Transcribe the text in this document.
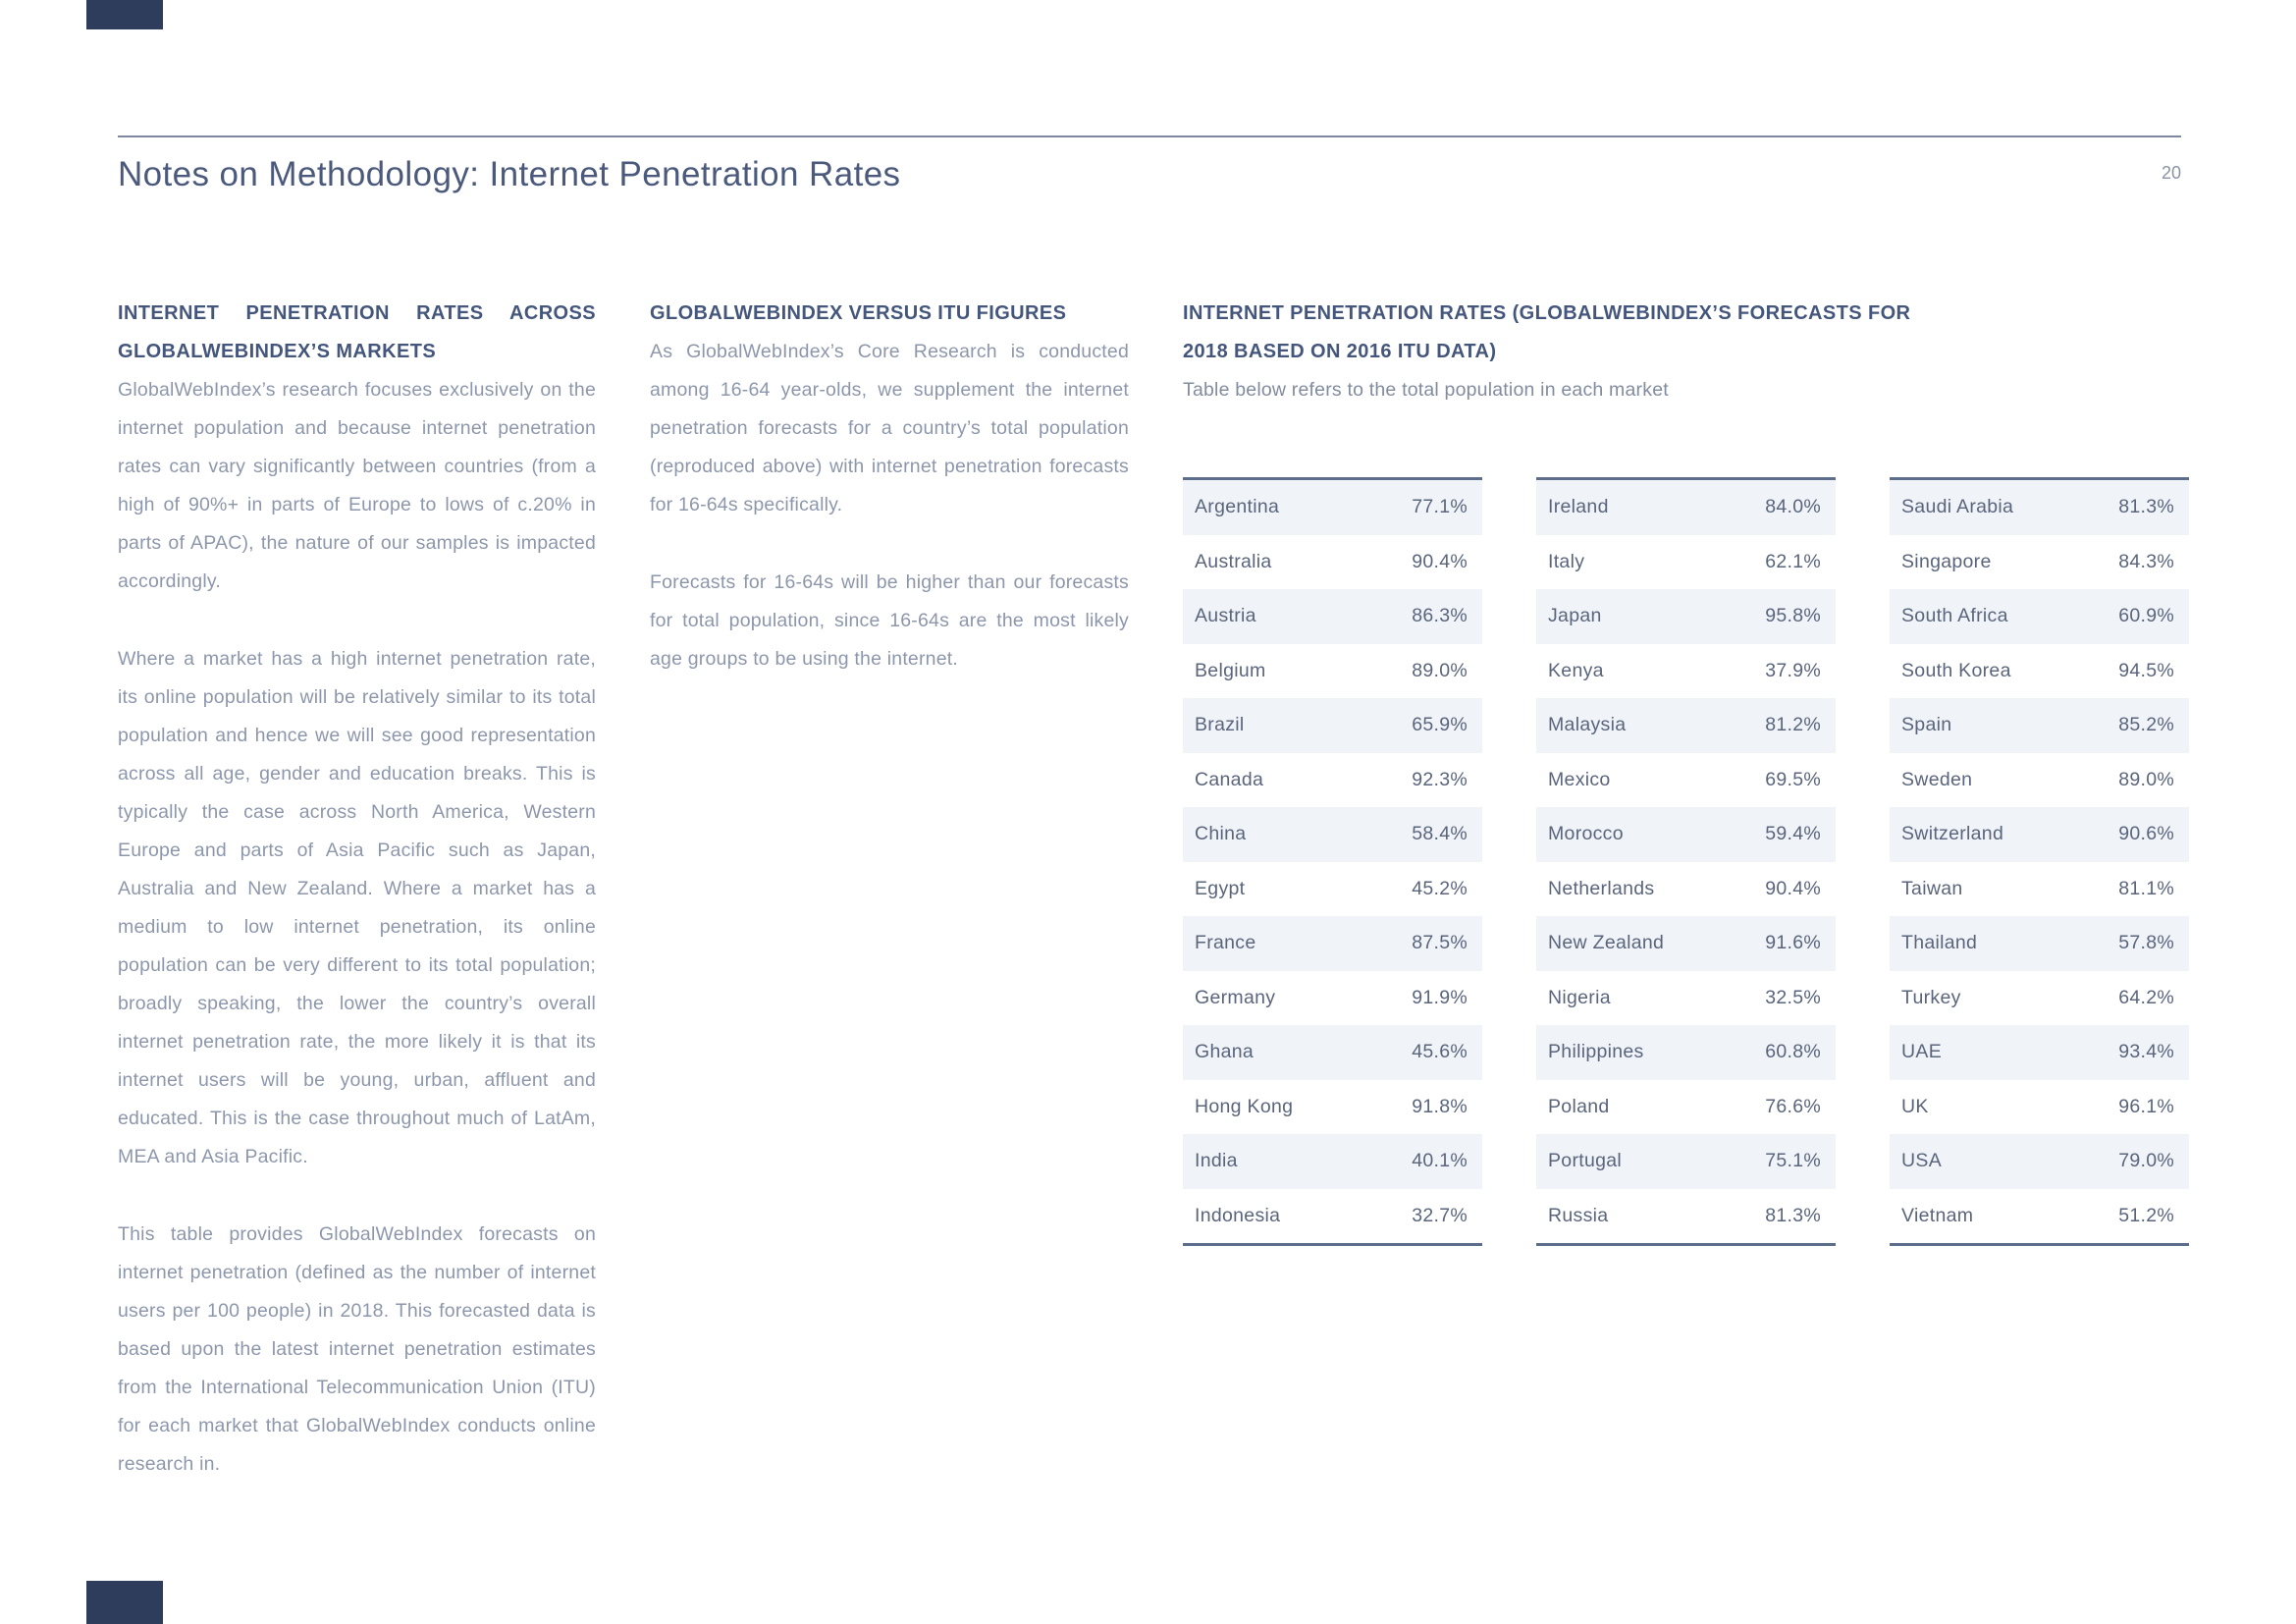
Notes on Methodology: Internet Penetration Rates	20
INTERNET PENETRATION RATES ACROSS GLOBALWEBINDEX’S MARKETS

GlobalWebIndex’s research focuses exclusively on the internet population and because internet penetration rates can vary significantly between countries (from a high of 90%+ in parts of Europe to lows of c.20% in parts of APAC), the nature of our samples is impacted accordingly.

Where a market has a high internet penetration rate, its online population will be relatively similar to its total population and hence we will see good representation across all age, gender and education breaks. This is typically the case across North America, Western Europe and parts of Asia Pacific such as Japan, Australia and New Zealand. Where a market has a medium to low internet penetration, its online population can be very different to its total population; broadly speaking, the lower the country’s overall internet penetration rate, the more likely it is that its internet users will be young, urban, affluent and educated. This is the case throughout much of LatAm, MEA and Asia Pacific.

This table provides GlobalWebIndex forecasts on internet penetration (defined as the number of internet users per 100 people) in 2018. This forecasted data is based upon the latest internet penetration estimates from the International Telecommunication Union (ITU) for each market that GlobalWebIndex conducts online research in.

GLOBALWEBINDEX VERSUS ITU FIGURES

As GlobalWebIndex’s Core Research is conducted among 16-64 year-olds, we supplement the internet penetration forecasts for a country’s total population (reproduced above) with internet penetration forecasts for 16-64s specifically.

Forecasts for 16-64s will be higher than our forecasts for total population, since 16-64s are the most likely age groups to be using the internet.

INTERNET PENETRATION RATES (GLOBALWEBINDEX’S FORECASTS FOR 2018 BASED ON 2016 ITU DATA)
Table below refers to the total population in each market
Argentina	77.1%
Australia	90.4%
Austria	86.3%
Belgium	89.0%
Brazil	65.9%
Canada	92.3%
China	58.4%
Egypt	45.2%
France	87.5%
Germany	91.9%
Ghana	45.6%
Hong Kong	91.8%
India	40.1%
Indonesia	32.7%
Ireland	84.0%
Italy	62.1%
Japan	95.8%
Kenya	37.9%
Malaysia	81.2%
Mexico	69.5%
Morocco	59.4%
Netherlands	90.4%
New Zealand	91.6%
Nigeria	32.5%
Philippines	60.8%
Poland	76.6%
Portugal	75.1%
Russia	81.3%
Saudi Arabia	81.3%
Singapore	84.3%
South Africa	60.9%
South Korea	94.5%
Spain	85.2%
Sweden	89.0%
Switzerland	90.6%
Taiwan	81.1%
Thailand	57.8%
Turkey	64.2%
UAE	93.4%
UK	96.1%
USA	79.0%
Vietnam	51.2%
